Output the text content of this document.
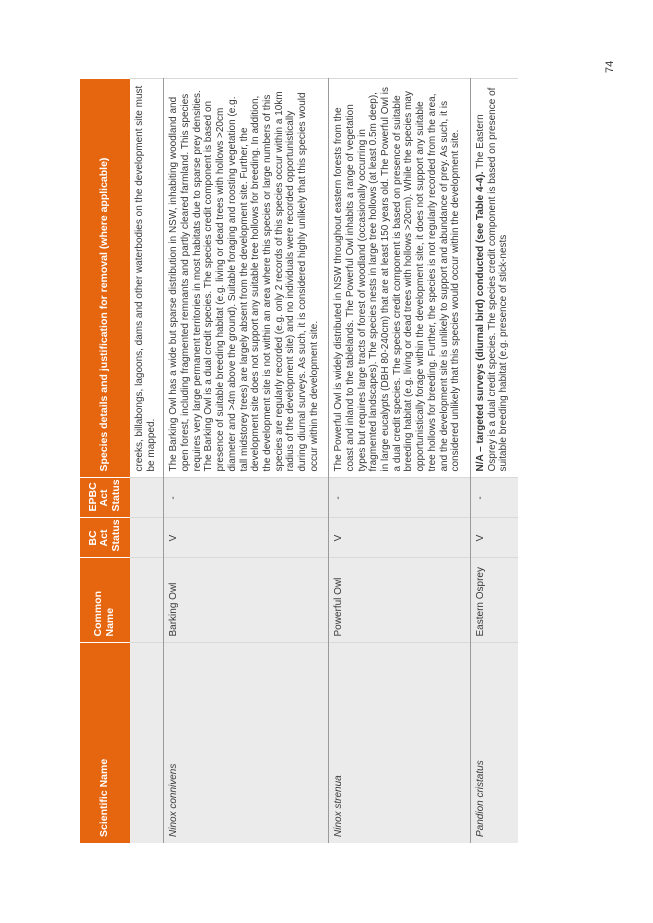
Scientific Name	Common Name	BC Act Status	EPBC Act Status	Species details and justification for removal (where applicable)
				creeks, billabongs, lagoons, dams and other waterbodies on the development site must be mapped.
Ninox connivens	Barking Owl	V	-	The Barking Owl has a wide but sparse distribution in NSW, inhabiting woodland and open forest, including fragmented remnants and partly cleared farmland. This species requires very large permanent territories in most habitats due to sparse prey densities. The Barking Owl is a dual credit species. The species credit component is based on presence of suitable breeding habitat (e.g. living or dead trees with hollows >20cm diameter and >4m above the ground). Suitable foraging and roosting vegetation (e.g. tall midstorey trees) are largely absent from the development site. Further, the development site does not support any suitable tree hollows for breeding. In addition, the development site is not within an area where this species or large numbers of this species are regularly recorded (e.g. only 2 records of this species occur within a 10km radius of the development site) and no individuals were recorded opportunistically during diurnal surveys. As such, it is considered highly unlikely that this species would occur within the development site.
Ninox strenua	Powerful Owl	V	-	The Powerful Owl is widely distributed in NSW throughout eastern forests from the coast and inland to the tablelands. The Powerful Owl inhabits a range of vegetation types but requires large tracts of forest of woodland (occasionally occurring in fragmented landscapes). The species nests in large tree hollows (at least 0.5m deep), in large eucalypts (DBH 80-240cm) that are at least 150 years old. The Powerful Owl is a dual credit species. The species credit component is based on presence of suitable breeding habitat (e.g. living or dead trees with hollows >20cm). While the species may opportunistically forage within the development site, it does not support any suitable tree hollows for breeding. Further, the species is not regularly recorded from the area, and the development site is unlikely to support and abundance of prey. As such, it is considered unlikely that this species would occur within the development site.
Pandion cristatus	Eastern Osprey	V	-	N/A – targeted surveys (diurnal bird) conducted (see Table 4-4). The Eastern Osprey is a dual credit species. The species credit component is based on presence of suitable breeding habitat (e.g. presence of stick-nests
74
